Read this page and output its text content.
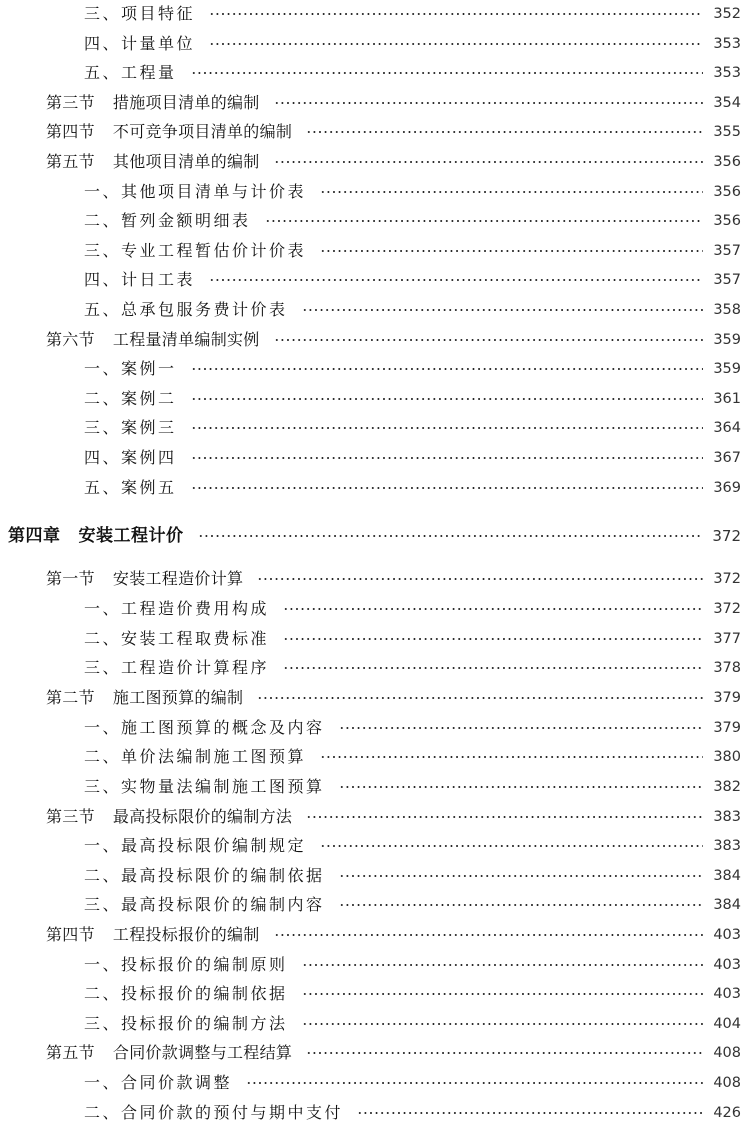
三、项目特征	352
四、计量单位	353
五、工程量	353
第三节 措施项目清单的编制	354
第四节 不可竞争项目清单的编制	355
第五节 其他项目清单的编制	356
一、其他项目清单与计价表	356
二、暂列金额明细表	356
三、专业工程暂估价计价表	357
四、计日工表	357
五、总承包服务费计价表	358
第六节 工程量清单编制实例	359
一、案例一	359
二、案例二	361
三、案例三	364
四、案例四	367
五、案例五	369
第四章 安装工程计价	372
第一节 安装工程造价计算	372
一、工程造价费用构成	372
二、安装工程取费标准	377
三、工程造价计算程序	378
第二节 施工图预算的编制	379
一、施工图预算的概念及内容	379
二、单价法编制施工图预算	380
三、实物量法编制施工图预算	382
第三节 最高投标限价的编制方法	383
一、最高投标限价编制规定	383
二、最高投标限价的编制依据	384
三、最高投标限价的编制内容	384
第四节 工程投标报价的编制	403
一、投标报价的编制原则	403
二、投标报价的编制依据	403
三、投标报价的编制方法	404
第五节 合同价款调整与工程结算	408
一、合同价款调整	408
二、合同价款的预付与期中支付	426
